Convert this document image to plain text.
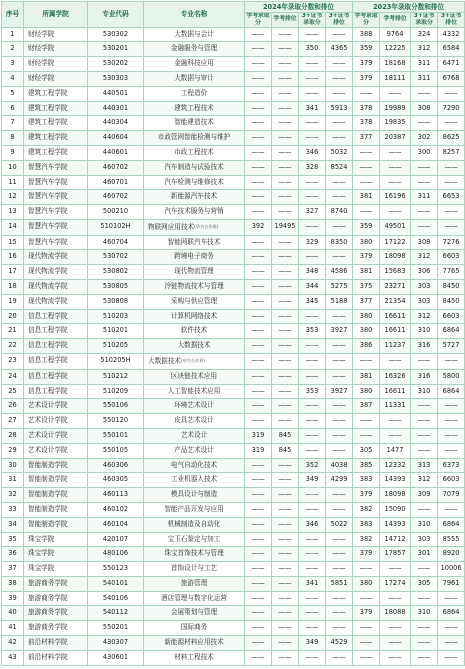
序号	所属学院	专业代码	专业名称	2024年录取分数和排位				2023年录取分数和排位			
				学考录取分	学考排位	3+证书录取分	3+证书排位	学考录取分	学考排位	3+证书录取分	3+证书排位
1	财经学院	530302	大数据与会计	——	——	——	——	388	9764	324	4332
2	财经学院	530201	金融服务与管理	——	——	350	4365	359	12225	312	6584
3	财经学院	530202	金融科技应用	——	——	——	——	379	18168	311	6471
4	财经学院	530303	大数据与审计	——	——	——	——	379	18111	311	6768
5	建筑工程学院	440501	工程造价	——	——	——	——	——	——	——	——
6	建筑工程学院	440301	建筑工程技术	——	——	341	5913	378	19989	308	7290
7	建筑工程学院	440304	智能建造技术	——	——	——	——	378	19835	——	——
8	建筑工程学院	440604	市政管网智能检测与维护	——	——	——	——	377	20387	302	8625
9	建筑工程学院	440601	市政工程技术	——	——	346	5032	——	——	300	8257
10	智慧汽车学院	460702	汽车制造与试验技术	——	——	328	8524	——	——	——	——
11	智慧汽车学院	460701	汽车检测与维修技术	——	——	——	——	——	——	——	——
12	智慧汽车学院	460702	新能源汽车技术	——	——	——	——	381	16196	311	6653
13	智慧汽车学院	500210	汽车技术服务与营销	——	——	327	8740	——	——	——	——
14	智慧汽车学院	510102H	物联网应用技术(华为合作班)	392	19495	——	——	359	49501	——	——
15	智慧汽车学院	460704	智能网联汽车技术	——	——	329	8350	380	17122	308	7276
16	现代物流学院	530702	跨境电子商务	——	——	——	——	379	18098	312	6603
17	现代物流学院	530802	现代物流管理	——	——	348	4586	381	15683	306	7765
18	现代物流学院	530805	冷链物流技术与管理	——	——	344	5275	375	23271	303	8450
19	现代物流学院	530808	采购与供应管理	——	——	345	5188	377	21354	303	8450
20	信息工程学院	510203	计算机网络技术	——	——	——	——	380	16611	312	6603
21	信息工程学院	510201	软件技术	——	——	353	3927	380	16611	310	6864
22	信息工程学院	510205	大数据技术	——	——	——	——	386	11237	316	5727
23	信息工程学院	510205H	大数据技术(华为合作班)	——	——	——	——	——	——	——	——
24	信息工程学院	510212	区块链技术应用	——	——	——	——	381	16326	316	5800
25	信息工程学院	510209	人工智能技术应用	——	——	353	3927	380	16611	310	6864
26	艺术设计学院	550106	环境艺术设计	——	——	——	——	387	11331	——	——
27	艺术设计学院	550120	皮具艺术设计	——	——	——	——	——	——	——	——
28	艺术设计学院	550101	艺术设计	319	845	——	——	——	——	——	——
29	艺术设计学院	550105	产品艺术设计	319	845	——	——	305	1477	——	——
30	智能制造学院	460306	电气自动化技术	——	——	352	4038	385	12332	313	6373
31	智能制造学院	460305	工业机器人技术	——	——	349	4299	383	14393	312	6603
32	智能制造学院	460113	模具设计与制造	——	——	——	——	379	18098	309	7079
33	智能制造学院	460102	智能产品开发与应用	——	——	——	——	382	15090	——	——
34	智能制造学院	460104	机械制造及自动化	——	——	346	5022	383	14393	310	6864
35	珠宝学院	420107	宝玉石鉴定与加工	——	——	——	——	382	14712	303	8555
36	珠宝学院	480106	珠宝首饰技术与管理	——	——	——	——	379	17857	301	8920
37	珠宝学院	550123	首饰设计与工艺	——	——	——	——	——	——	——	10006
38	旅游商务学院	540101	旅游管理	——	——	341	5851	380	17274	305	7961
39	旅游商务学院	540106	酒店管理与数字化运营	——	——	——	——	——	——	——	——
40	旅游商务学院	540112	会展策划与管理	——	——	——	——	379	18088	310	6864
41	旅游商务学院	550201	国际商务	——	——	——	——	——	——	——	——
42	前沿材料学院	430307	新能源材料应用技术	——	——	349	4529	——	——	——	——
43	前沿材料学院	430601	材料工程技术	——	——	——	——	——	——	——	——
